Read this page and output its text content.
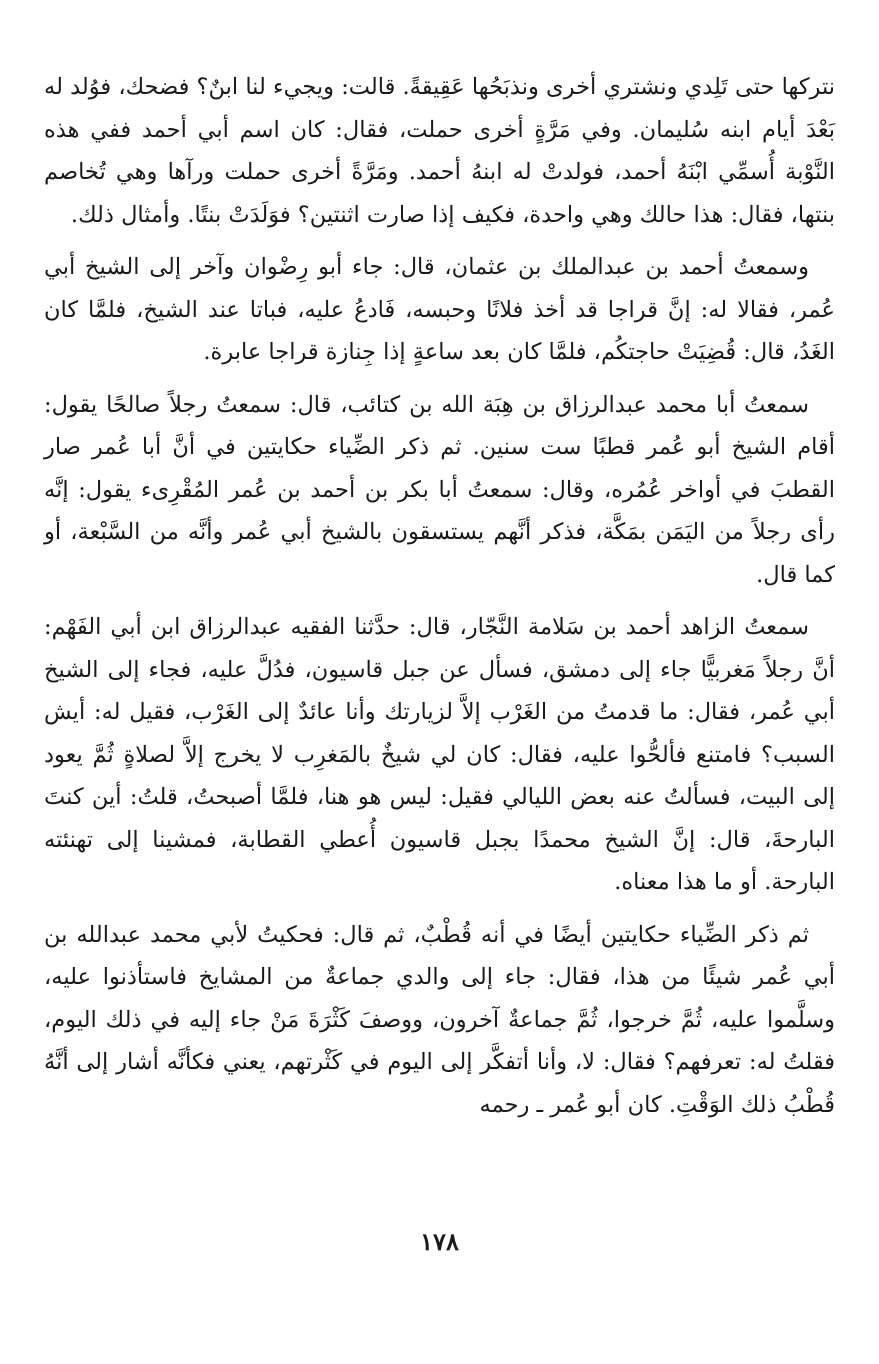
نتركها حتى تَلِدي ونشتري أخرى ونذبَحُها عَقِيقةً. قالت: ويجيء لنا ابنٌ؟ فضحك، فوُلد له بَعْدَ أيام ابنه سُليمان. وفي مَرَّةٍ أخرى حملت، فقال: كان اسم أبي أحمد ففي هذه النَّوْبة أُسمِّي ابْنَهُ أحمد، فولدتْ له ابنهُ أحمد. ومَرَّةً أخرى حملت ورآها وهي تُخاصم بنتها، فقال: هذا حالك وهي واحدة، فكيف إذا صارت اثنتين؟ فوَلَدَتْ بنتًا. وأمثال ذلك.

وسمعتُ أحمد بن عبدالملك بن عثمان، قال: جاء أبو رِضْوان وآخر إلى الشيخ أبي عُمر، فقالا له: إنَّ قراجا قد أخذ فلانًا وحبسه، فَادعُ عليه، فباتا عند الشيخ، فلمَّا كان الغَدُ، قال: قُضِيَتْ حاجتكُم، فلمَّا كان بعد ساعةٍ إذا جِنازة قراجا عابرة.

سمعتُ أبا محمد عبدالرزاق بن هِبَة الله بن كتائب، قال: سمعتُ رجلاً صالحًا يقول: أقام الشيخ أبو عُمر قطبًا ست سنين. ثم ذكر الضِّياء حكايتين في أنَّ أبا عُمر صار القطبَ في أواخر عُمُره، وقال: سمعتُ أبا بكر بن أحمد بن عُمر المُقْرِىء يقول: إنَّه رأى رجلاً من اليَمَن بمَكَّة، فذكر أنَّهم يستسقون بالشيخ أبي عُمر وأنَّه من السَّبْعة، أو كما قال.

سمعتُ الزاهد أحمد بن سَلامة النَّجّار، قال: حدَّثنا الفقيه عبدالرزاق ابن أبي الفَهْم: أنَّ رجلاً مَغربيًّا جاء إلى دمشق، فسأل عن جبل قاسيون، فدُلَّ عليه، فجاء إلى الشيخ أبي عُمر، فقال: ما قدمتُ من الغَرْب إلاَّ لزيارتك وأنا عائدٌ إلى الغَرْب، فقيل له: أيش السبب؟ فامتنع فألحُّوا عليه، فقال: كان لي شيخٌ بالمَغرِب لا يخرج إلاَّ لصلاةٍ ثُمَّ يعود إلى البيت، فسألتُ عنه بعض الليالي فقيل: ليس هو هنا، فلمَّا أصبحتُ، قلتُ: أين كنتَ البارحةَ، قال: إنَّ الشيخ محمدًا بجبل قاسيون أُعطي القطابة، فمشينا إلى تهنئته البارحة. أو ما هذا معناه.

ثم ذكر الضِّياء حكايتين أيضًا في أنه قُطْبٌ، ثم قال: فحكيتُ لأبي محمد عبدالله بن أبي عُمر شيئًا من هذا، فقال: جاء إلى والدي جماعةٌ من المشايخ فاستأذنوا عليه، وسلَّموا عليه، ثُمَّ خرجوا، ثُمَّ جماعةٌ آخرون، ووصفَ كَثْرَةَ مَنْ جاء إليه في ذلك اليوم، فقلتُ له: تعرفهم؟ فقال: لا، وأنا أتفكَّر إلى اليوم في كَثْرتهم، يعني فكأنَّه أشار إلى أنَّهُ قُطْبُ ذلك الوَقْتِ. كان أبو عُمر ـ رحمه

١٧٨
